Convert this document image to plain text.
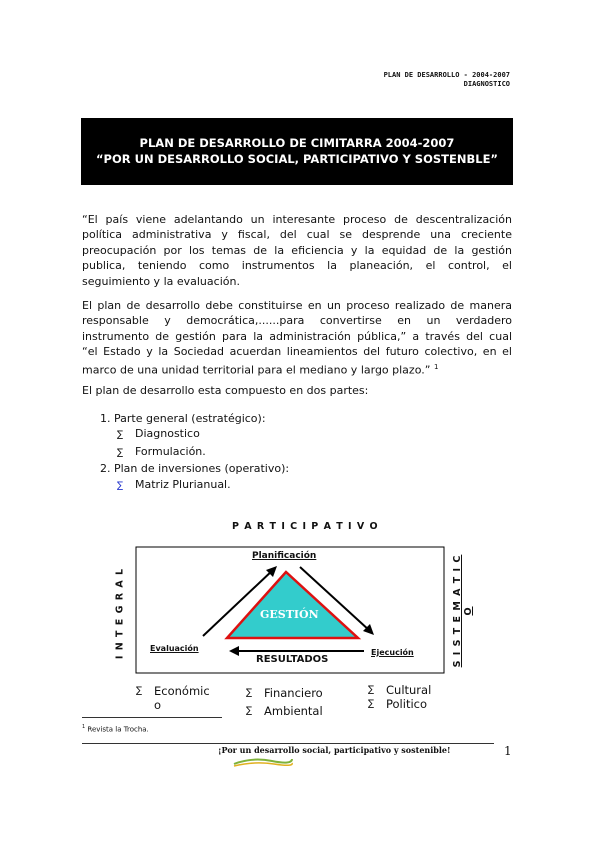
PLAN DE DESARROLLO - 2004-2007
DIAGNOSTICO
PLAN DE DESARROLLO DE CIMITARRA 2004-2007
“POR UN DESARROLLO SOCIAL, PARTICIPATIVO Y SOSTENBLE”
“El país viene adelantando un interesante proceso de descentralización
política administrativa y fiscal, del cual se desprende una creciente
preocupación por los temas de la eficiencia y la equidad de la gestión
publica, teniendo como instrumentos la planeación, el control, el
seguimiento y la evaluación.
El plan de desarrollo debe constituirse en un proceso realizado de manera
responsable y democrática,......para convertirse en un verdadero
instrumento de gestión para la administración pública,” a través del cual
“el Estado y la Sociedad acuerdan lineamientos del futuro colectivo, en el
marco de una unidad territorial para el mediano y largo plazo.” $^1$
El plan de desarrollo esta compuesto en dos partes:
1. Parte general (estratégico):
∑ Diagnostico
∑ Formulación.
2. Plan de inversiones (operativo):
∑ Matriz Plurianual.
P A R T I C I P A T I V O
Planificación
GESTIÓN
Evaluación	Ejecución
RESULTADOS
I N T E G R A L	S I S T E M A T I C O
∑ Económic
o
∑ Financiero
∑ Ambiental
∑ Cultural
∑ Politico
$^1$ Revista la Trocha.
¡Por un desarrollo social, participativo y sostenible!	1
